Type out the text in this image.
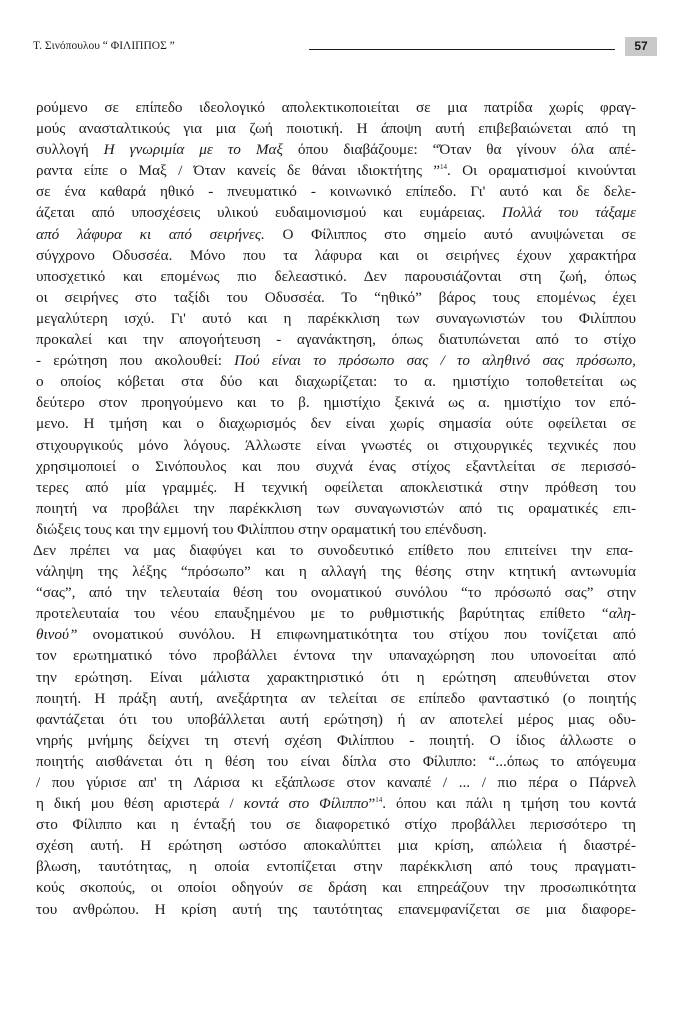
Τ. Σινόπουλου “ ΦΙΛΙΠΠΟΣ ”	57
ρούμενο σε επίπεδο ιδεολογικό απολεκτικοποιείται σε μια πατρίδα χωρίς φραγ-
μούς ανασταλτικούς για μια ζωή ποιοτική. Η άποψη αυτή επιβεβαιώνεται από τη
συλλογή Η γνωριμία με το Μαξ όπου διαβάζουμε: “Όταν θα γίνουν όλα απέ-
ραντα είπε ο Μαξ / Όταν κανείς δε θάναι ιδιοκτήτης ”$^{14}$. Οι οραματισμοί κινούνται
σε ένα καθαρά ηθικό - πνευματικό - κοινωνικό επίπεδο. Γι' αυτό και δε δελε-
άζεται από υποσχέσεις υλικού ευδαιμονισμού και ευμάρειας. Πολλά του τάξαμε
από λάφυρα κι από σειρήνες. Ο Φίλιππος στο σημείο αυτό ανυψώνεται σε
σύγχρονο Οδυσσέα. Μόνο που τα λάφυρα και οι σειρήνες έχουν χαρακτήρα
υποσχετικό και επομένως πιο δελεαστικό. Δεν παρουσιάζονται στη ζωή, όπως
οι σειρήνες στο ταξίδι του Οδυσσέα. Το “ηθικό” βάρος τους επομένως έχει
μεγαλύτερη ισχύ. Γι' αυτό και η παρέκκλιση των συναγωνιστών του Φιλίππου
προκαλεί και την απογοήτευση - αγανάκτηση, όπως διατυπώνεται από το στίχο
- ερώτηση που ακολουθεί: Πού είναι το πρόσωπο σας / το αληθινό σας πρόσωπο,
ο οποίος κόβεται στα δύο και διαχωρίζεται: το α. ημιστίχιο τοποθετείται ως
δεύτερο στον προηγούμενο και το β. ημιστίχιο ξεκινά ως α. ημιστίχιο τον επό-
μενο. Η τμήση και ο διαχωρισμός δεν είναι χωρίς σημασία ούτε οφείλεται σε
στιχουργικούς μόνο λόγους. Άλλωστε είναι γνωστές οι στιχουργικές τεχνικές που
χρησιμοποιεί ο Σινόπουλος και που συχνά ένας στίχος εξαντλείται σε περισσό-
τερες από μία γραμμές. Η τεχνική οφείλεται αποκλειστικά στην πρόθεση του
ποιητή να προβάλει την παρέκκλιση των συναγωνιστών από τις οραματικές επι-
διώξεις τους και την εμμονή του Φιλίππου στην οραματική του επένδυση.
Δεν πρέπει να μας διαφύγει και το συνοδευτικό επίθετο που επιτείνει την επα-
νάληψη της λέξης “πρόσωπο” και η αλλαγή της θέσης στην κτητική αντωνυμία
“σας”, από την τελευταία θέση του ονοματικού συνόλου “το πρόσωπό σας” στην
προτελευταία του νέου επαυξημένου με το ρυθμιστικής βαρύτητας επίθετο “αλη-
θινού” ονοματικού συνόλου. Η επιφωνηματικότητα του στίχου που τονίζεται από
τον ερωτηματικό τόνο προβάλλει έντονα την υπαναχώρηση που υπονοείται από
την ερώτηση. Είναι μάλιστα χαρακτηριστικό ότι η ερώτηση απευθύνεται στον
ποιητή. Η πράξη αυτή, ανεξάρτητα αν τελείται σε επίπεδο φανταστικό (ο ποιητής
φαντάζεται ότι του υποβάλλεται αυτή ερώτηση) ή αν αποτελεί μέρος μιας οδυ-
νηρής μνήμης δείχνει τη στενή σχέση Φιλίππου - ποιητή. Ο ίδιος άλλωστε ο
ποιητής αισθάνεται ότι η θέση του είναι δίπλα στο Φίλιππο: “...όπως το απόγευμα
/ που γύρισε απ' τη Λάρισα κι εξάπλωσε στον καναπέ / ... / πιο πέρα ο Πάρνελ
η δική μου θέση αριστερά / κοντά στο Φίλιππο”$^{14}$. όπου και πάλι η τμήση του κοντά
στο Φίλιππο και η ένταξή του σε διαφορετικό στίχο προβάλλει περισσότερο τη
σχέση αυτή. Η ερώτηση ωστόσο αποκαλύπτει μια κρίση, απώλεια ή διαστρέ-
βλωση, ταυτότητας, η οποία εντοπίζεται στην παρέκκλιση από τους πραγματι-
κούς σκοπούς, οι οποίοι οδηγούν σε δράση και επηρεάζουν την προσωπικότητα
του ανθρώπου. Η κρίση αυτή της ταυτότητας επανεμφανίζεται σε μια διαφορε-
